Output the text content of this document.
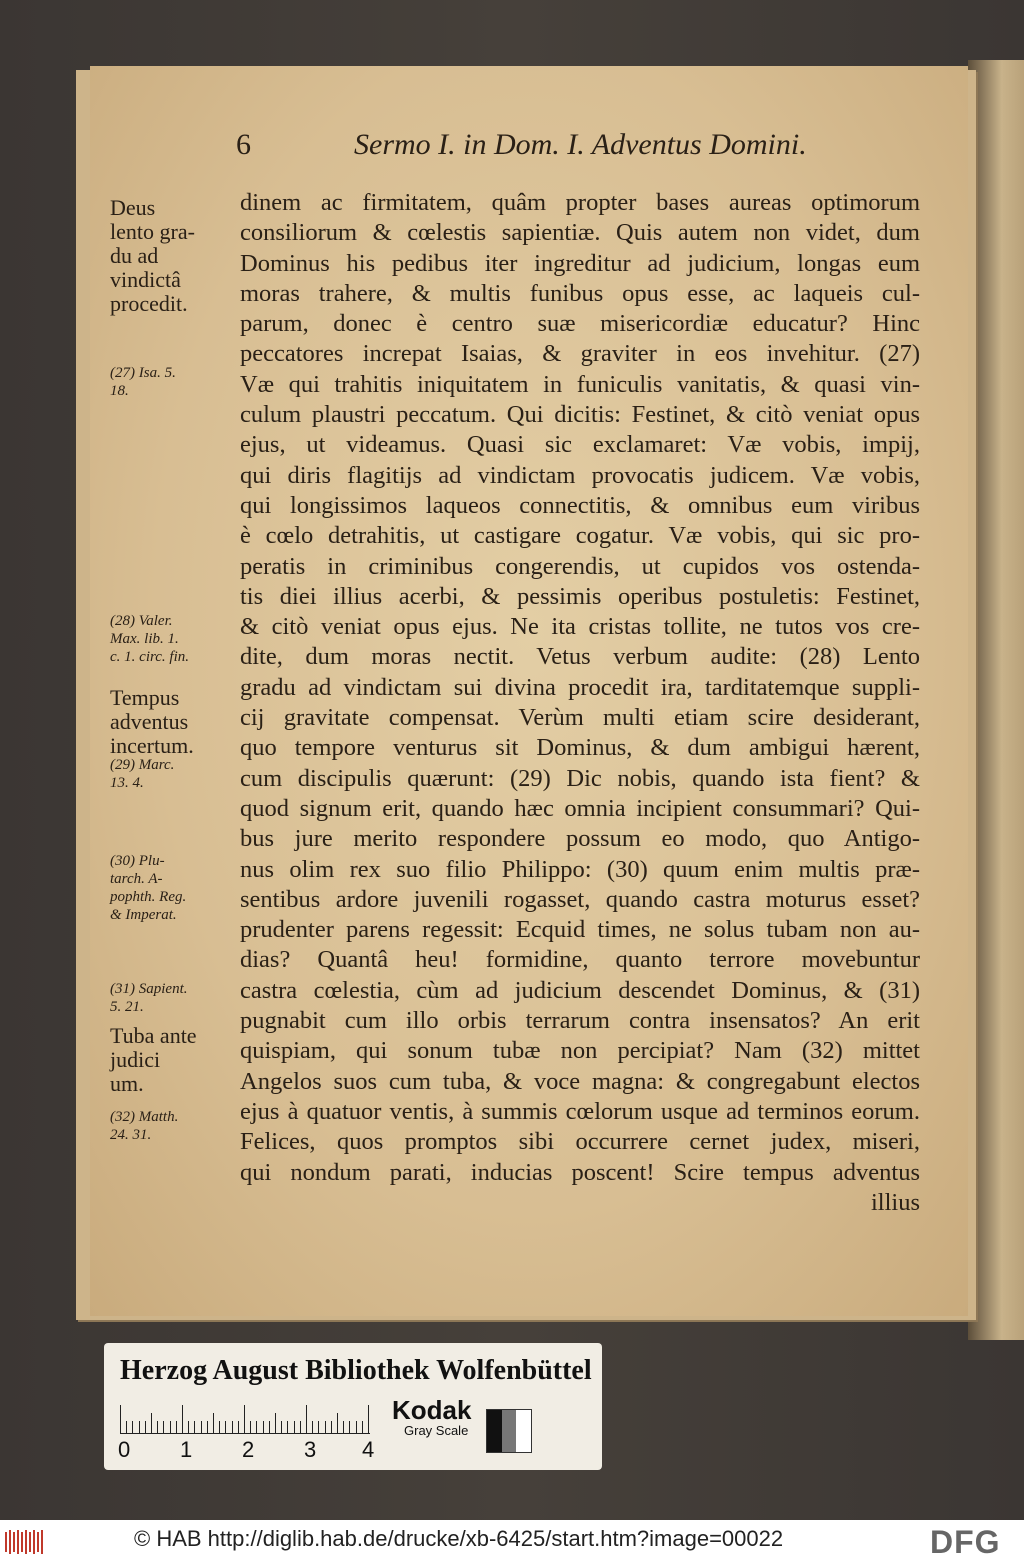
6	Sermo I. in Dom. I. Adventus Domini.
Deus
lento gra-
du ad
vindictâ
procedit.
(27) Isa. 5.
18.
(28) Valer.
Max. lib. 1.
c. 1. circ. fin.
Tempus
adventus
incertum.
(29) Marc.
13. 4.
(30) Plu-
tarch. A-
pophth. Reg.
& Imperat.
(31) Sapient.
5. 21.
Tuba ante
judici
um.
(32) Matth.
24. 31.
dinem ac firmitatem, quâm propter bases aureas optimorum
consiliorum & cœlestis sapientiæ. Quis autem non videt, dum
Dominus his pedibus iter ingreditur ad judicium, longas eum
moras trahere, & multis funibus opus esse, ac laqueis cul-
parum, donec è centro suæ misericordiæ educatur? Hinc
peccatores increpat Isaias, & graviter in eos invehitur. (27)
Væ qui trahitis iniquitatem in funiculis vanitatis, & quasi vin-
culum plaustri peccatum. Qui dicitis: Festinet, & citò veniat opus
ejus, ut videamus. Quasi sic exclamaret: Væ vobis, impij,
qui diris flagitijs ad vindictam provocatis judicem. Væ vobis,
qui longissimos laqueos connectitis, & omnibus eum viribus
è cœlo detrahitis, ut castigare cogatur. Væ vobis, qui sic pro-
peratis in criminibus congerendis, ut cupidos vos ostenda-
tis diei illius acerbi, & pessimis operibus postuletis: Festinet,
& citò veniat opus ejus. Ne ita cristas tollite, ne tutos vos cre-
dite, dum moras nectit. Vetus verbum audite: (28) Lento
gradu ad vindictam sui divina procedit ira, tarditatemque suppli-
cij gravitate compensat. Verùm multi etiam scire desiderant,
quo tempore venturus sit Dominus, & dum ambigui hærent,
cum discipulis quærunt: (29) Dic nobis, quando ista fient? &
quod signum erit, quando hæc omnia incipient consummari? Qui-
bus jure merito respondere possum eo modo, quo Antigo-
nus olim rex suo filio Philippo: (30) quum enim multis præ-
sentibus ardore juvenili rogasset, quando castra moturus esset?
prudenter parens regessit: Ecquid times, ne solus tubam non au-
dias? Quantâ heu! formidine, quanto terrore movebuntur
castra cœlestia, cùm ad judicium descendet Dominus, & (31)
pugnabit cum illo orbis terrarum contra insensatos? An erit
quispiam, qui sonum tubæ non percipiat? Nam (32) mittet
Angelos suos cum tuba, & voce magna: & congregabunt electos
ejus à quatuor ventis, à summis cœlorum usque ad terminos eorum.
Felices, quos promptos sibi occurrere cernet judex, miseri,
qui nondum parati, inducias poscent! Scire tempus adventus
illius
Herzog August Bibliothek Wolfenbüttel
0 1 2 3 4
Kodak
Gray Scale
© HAB http://diglib.hab.de/drucke/xb-6425/start.htm?image=00022	DFG
